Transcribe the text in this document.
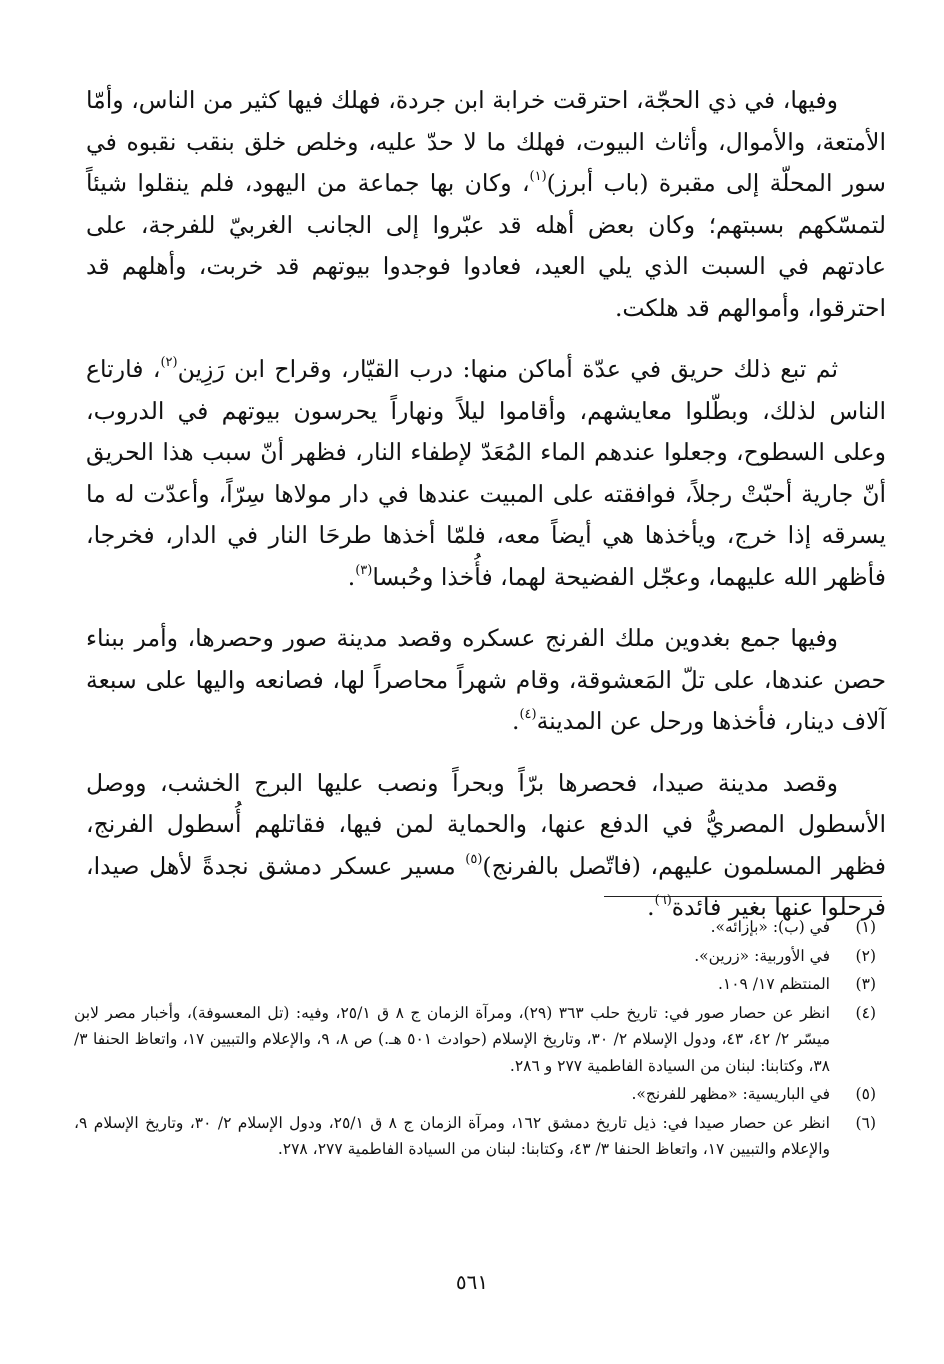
وفيها، في ذي الحجّة، احترقت خرابة ابن جردة، فهلك فيها كثير من الناس، وأمّا الأمتعة، والأموال، وأثاث البيوت، فهلك ما لا حدّ عليه، وخلص خلق بنقب نقبوه في سور المحلّة إلى مقبرة (باب أبرز)$^{(١)}$، وكان بها جماعة من اليهود، فلم ينقلوا شيئاً لتمسّكهم بسبتهم؛ وكان بعض أهله قد عبّروا إلى الجانب الغربيّ للفرجة، على عادتهم في السبت الذي يلي العيد، فعادوا فوجدوا بيوتهم قد خربت، وأهلهم قد احترقوا، وأموالهم قد هلكت.

ثم تبع ذلك حريق في عدّة أماكن منها: درب القيّار، وقراح ابن رَزِين$^{(٢)}$، فارتاع الناس لذلك، وبطّلوا معايشهم، وأقاموا ليلاً ونهاراً يحرسون بيوتهم في الدروب، وعلى السطوح، وجعلوا عندهم الماء المُعَدّ لإطفاء النار، فظهر أنّ سبب هذا الحريق أنّ جارية أحبّتْ رجلاً، فوافقته على المبيت عندها في دار مولاها سِرّاً، وأعدّت له ما يسرقه إذا خرج، ويأخذها هي أيضاً معه، فلمّا أخذها طرحَا النار في الدار، فخرجا، فأظهر الله عليهما، وعجّل الفضيحة لهما، فأُخذا وحُبسا$^{(٣)}$.

وفيها جمع بغدوين ملك الفرنج عسكره وقصد مدينة صور وحصرها، وأمر ببناء حصن عندها، على تلّ المَعشوقة، وقام شهراً محاصراً لها، فصانعه واليها على سبعة آلاف دينار، فأخذها ورحل عن المدينة$^{(٤)}$.

وقصد مدينة صيدا، فحصرها برّاً وبحراً ونصب عليها البرج الخشب، ووصل الأسطول المصريُّ في الدفع عنها، والحماية لمن فيها، فقاتلهم أُسطول الفرنج، فظهر المسلمون عليهم، (فاتّصل بالفرنج)$^{(٥)}$ مسير عسكر دمشق نجدةً لأهل صيدا، فرحلوا عنها بغير فائدة$^{(٦)}$.

(١)
في (ب): «بإزائه».
(٢)
في الأوربية: «زرين».
(٣)
المنتظم ١٧/ ١٠٩.
(٤)
انظر عن حصار صور في: تاريخ حلب ٣٦٣ (٢٩)، ومرآة الزمان ج ٨ ق ٢٥/١، وفيه: (تل المعسوفة)، وأخبار مصر لابن ميسّر ٢/ ٤٢، ٤٣، ودول الإسلام ٢/ ٣٠، وتاريخ الإسلام (حوادث ٥٠١ هـ.) ص ٨، ٩، والإعلام والتبيين ١٧، واتعاظ الحنفا ٣/ ٣٨، وكتابنا: لبنان من السيادة الفاطمية ٢٧٧ و ٢٨٦.
(٥)
في الباريسية: «مظهر للفرنج».
(٦)
انظر عن حصار صيدا في: ذيل تاريخ دمشق ١٦٢، ومرآة الزمان ج ٨ ق ٢٥/١، ودول الإسلام ٢/ ٣٠، وتاريخ الإسلام ٩، والإعلام والتبيين ١٧، واتعاظ الحنفا ٣/ ٤٣، وكتابنا: لبنان من السيادة الفاطمية ٢٧٧، ٢٧٨.
٥٦١
